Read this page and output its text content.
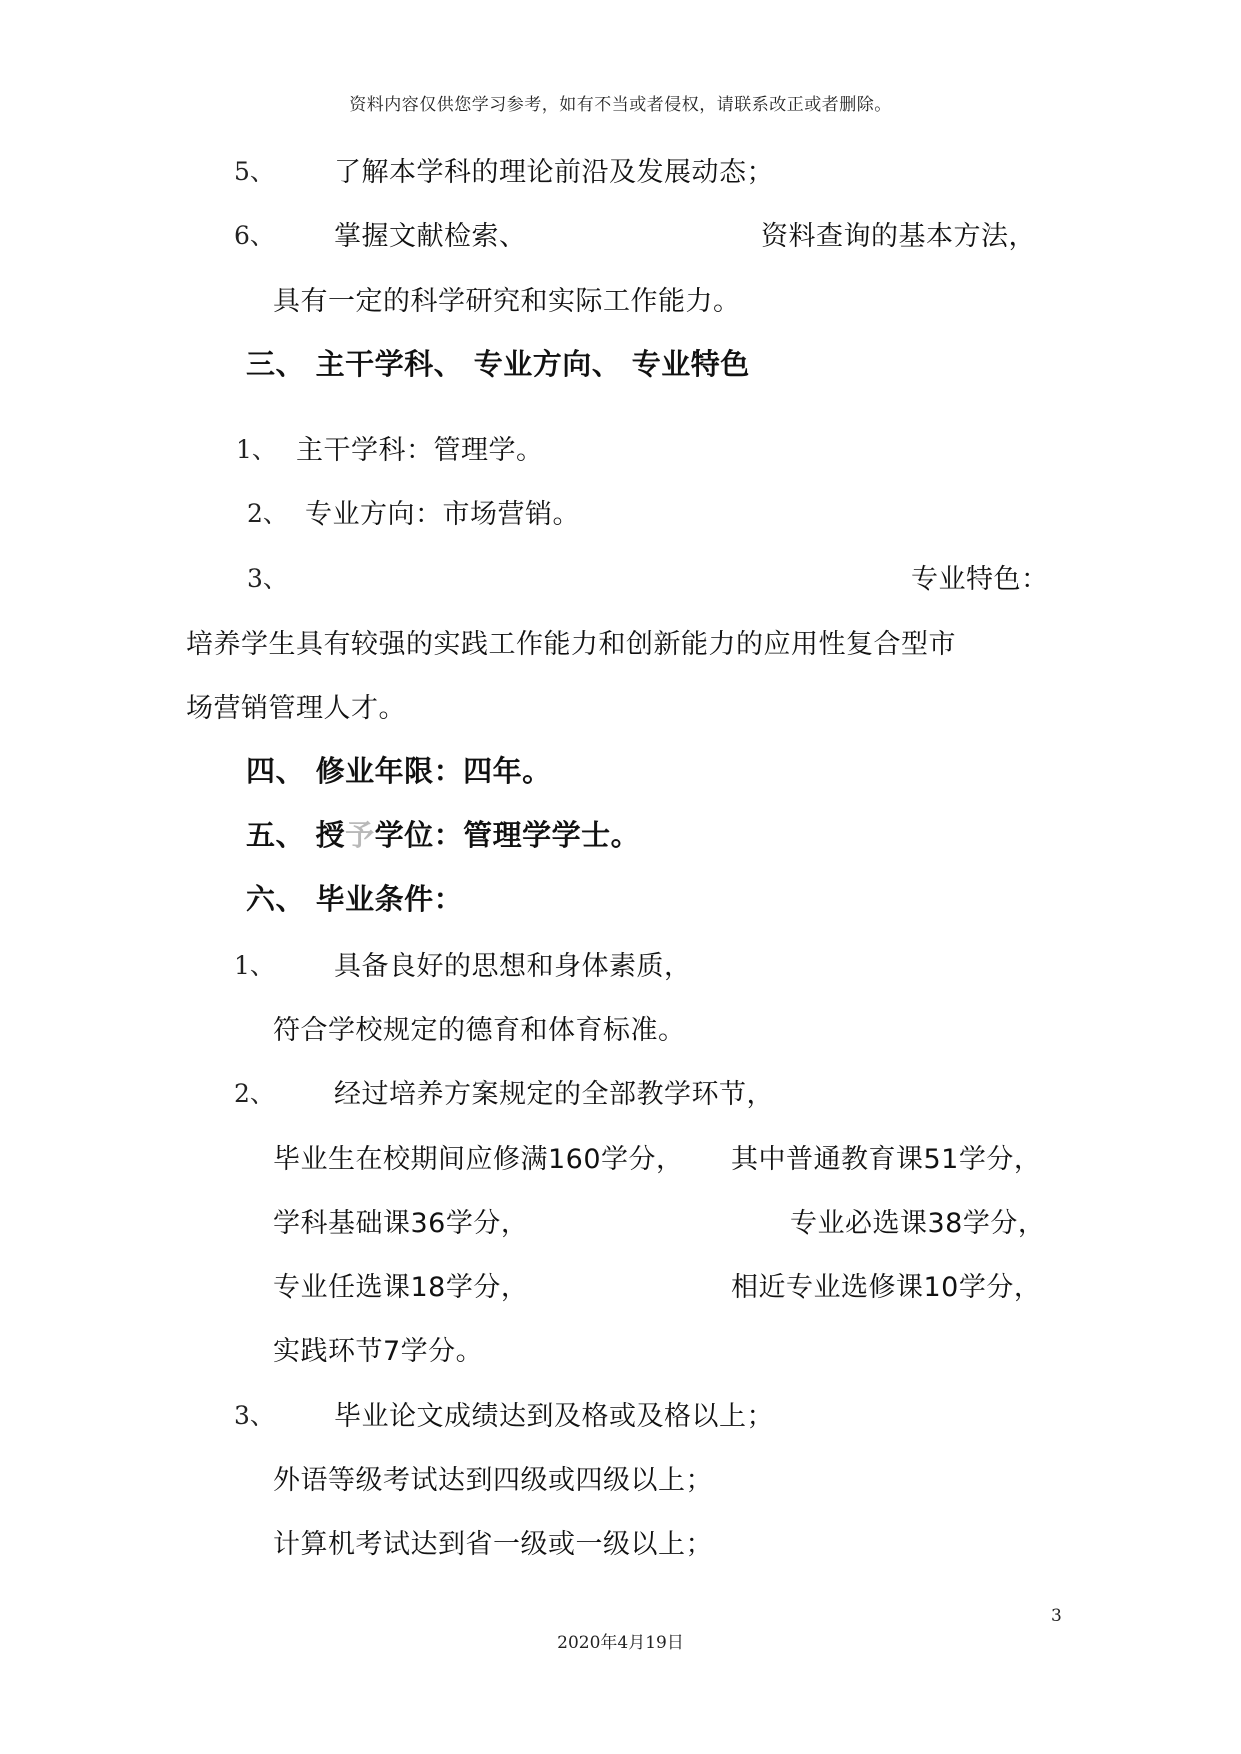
资料内容仅供您学习参考，如有不当或者侵权，请联系改正或者删除。
5、 了解本学科的理论前沿及发展动态；
6、 掌握文献检索、	资料查询的基本方法，
具有一定的科学研究和实际工作能力。
三、 主干学科、 专业方向、 专业特色
1、 主干学科：管理学。
2、 专业方向：市场营销。
3、	专业特色：
培养学生具有较强的实践工作能力和创新能力的应用性复合型市
场营销管理人才。
四、 修业年限：四年。
五、 授予学位：管理学学士。
六、 毕业条件：
1、 具备良好的思想和身体素质，
符合学校规定的德育和体育标准。
2、 经过培养方案规定的全部教学环节，
毕业生在校期间应修满160学分， 其中普通教育课51学分，
学科基础课36学分，	专业必选课38学分，
专业任选课18学分，	相近专业选修课10学分，
实践环节7学分。
3、 毕业论文成绩达到及格或及格以上；
外语等级考试达到四级或四级以上；
计算机考试达到省一级或一级以上；
3
2020年4月19日
